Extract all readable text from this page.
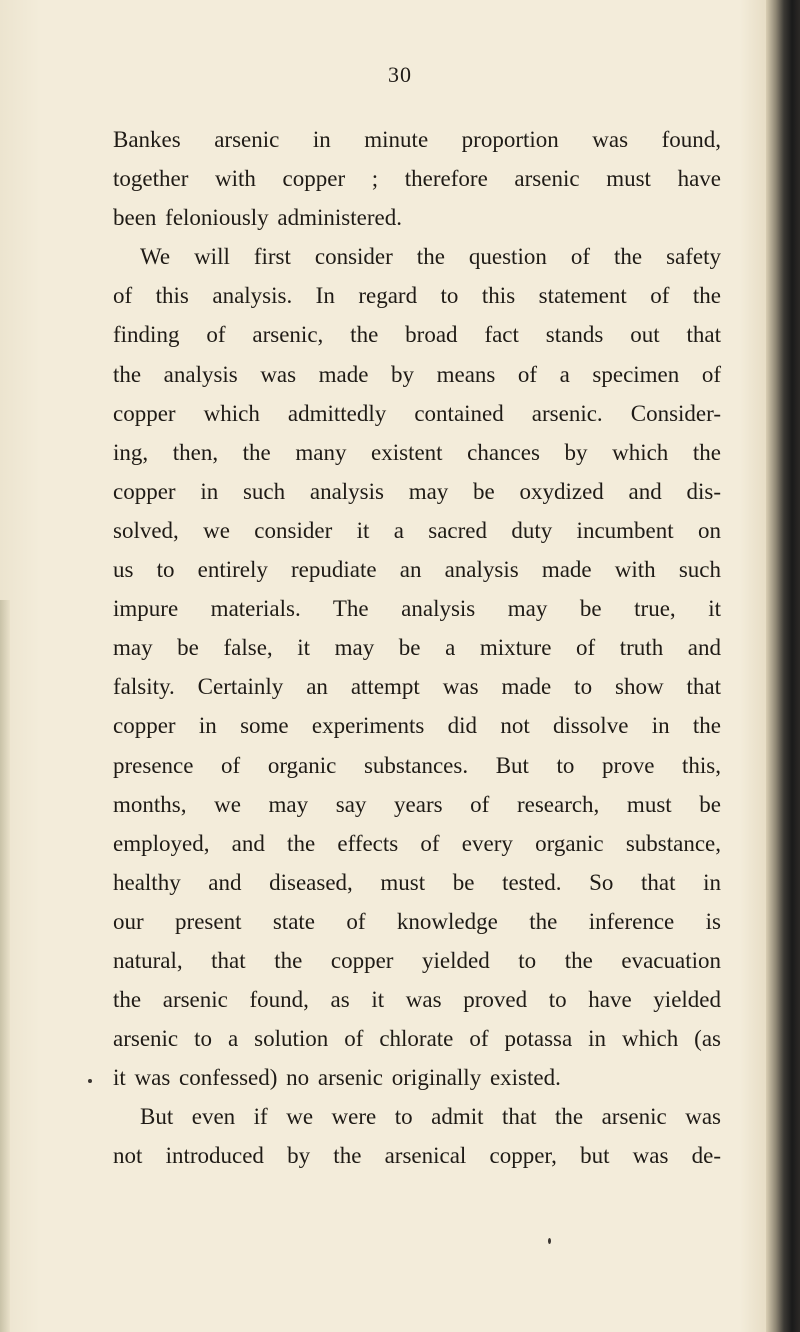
30
Bankes arsenic in minute proportion was found,
together with copper ; therefore arsenic must have
been feloniously administered.
We will first consider the question of the safety
of this analysis. In regard to this statement of the
finding of arsenic, the broad fact stands out that
the analysis was made by means of a specimen of
copper which admittedly contained arsenic. Consider-
ing, then, the many existent chances by which the
copper in such analysis may be oxydized and dis-
solved, we consider it a sacred duty incumbent on
us to entirely repudiate an analysis made with such
impure materials. The analysis may be true, it
may be false, it may be a mixture of truth and
falsity. Certainly an attempt was made to show that
copper in some experiments did not dissolve in the
presence of organic substances. But to prove this,
months, we may say years of research, must be
employed, and the effects of every organic substance,
healthy and diseased, must be tested. So that in
our present state of knowledge the inference is
natural, that the copper yielded to the evacuation
the arsenic found, as it was proved to have yielded
arsenic to a solution of chlorate of potassa in which (as
it was confessed) no arsenic originally existed.
But even if we were to admit that the arsenic was
not introduced by the arsenical copper, but was de-
